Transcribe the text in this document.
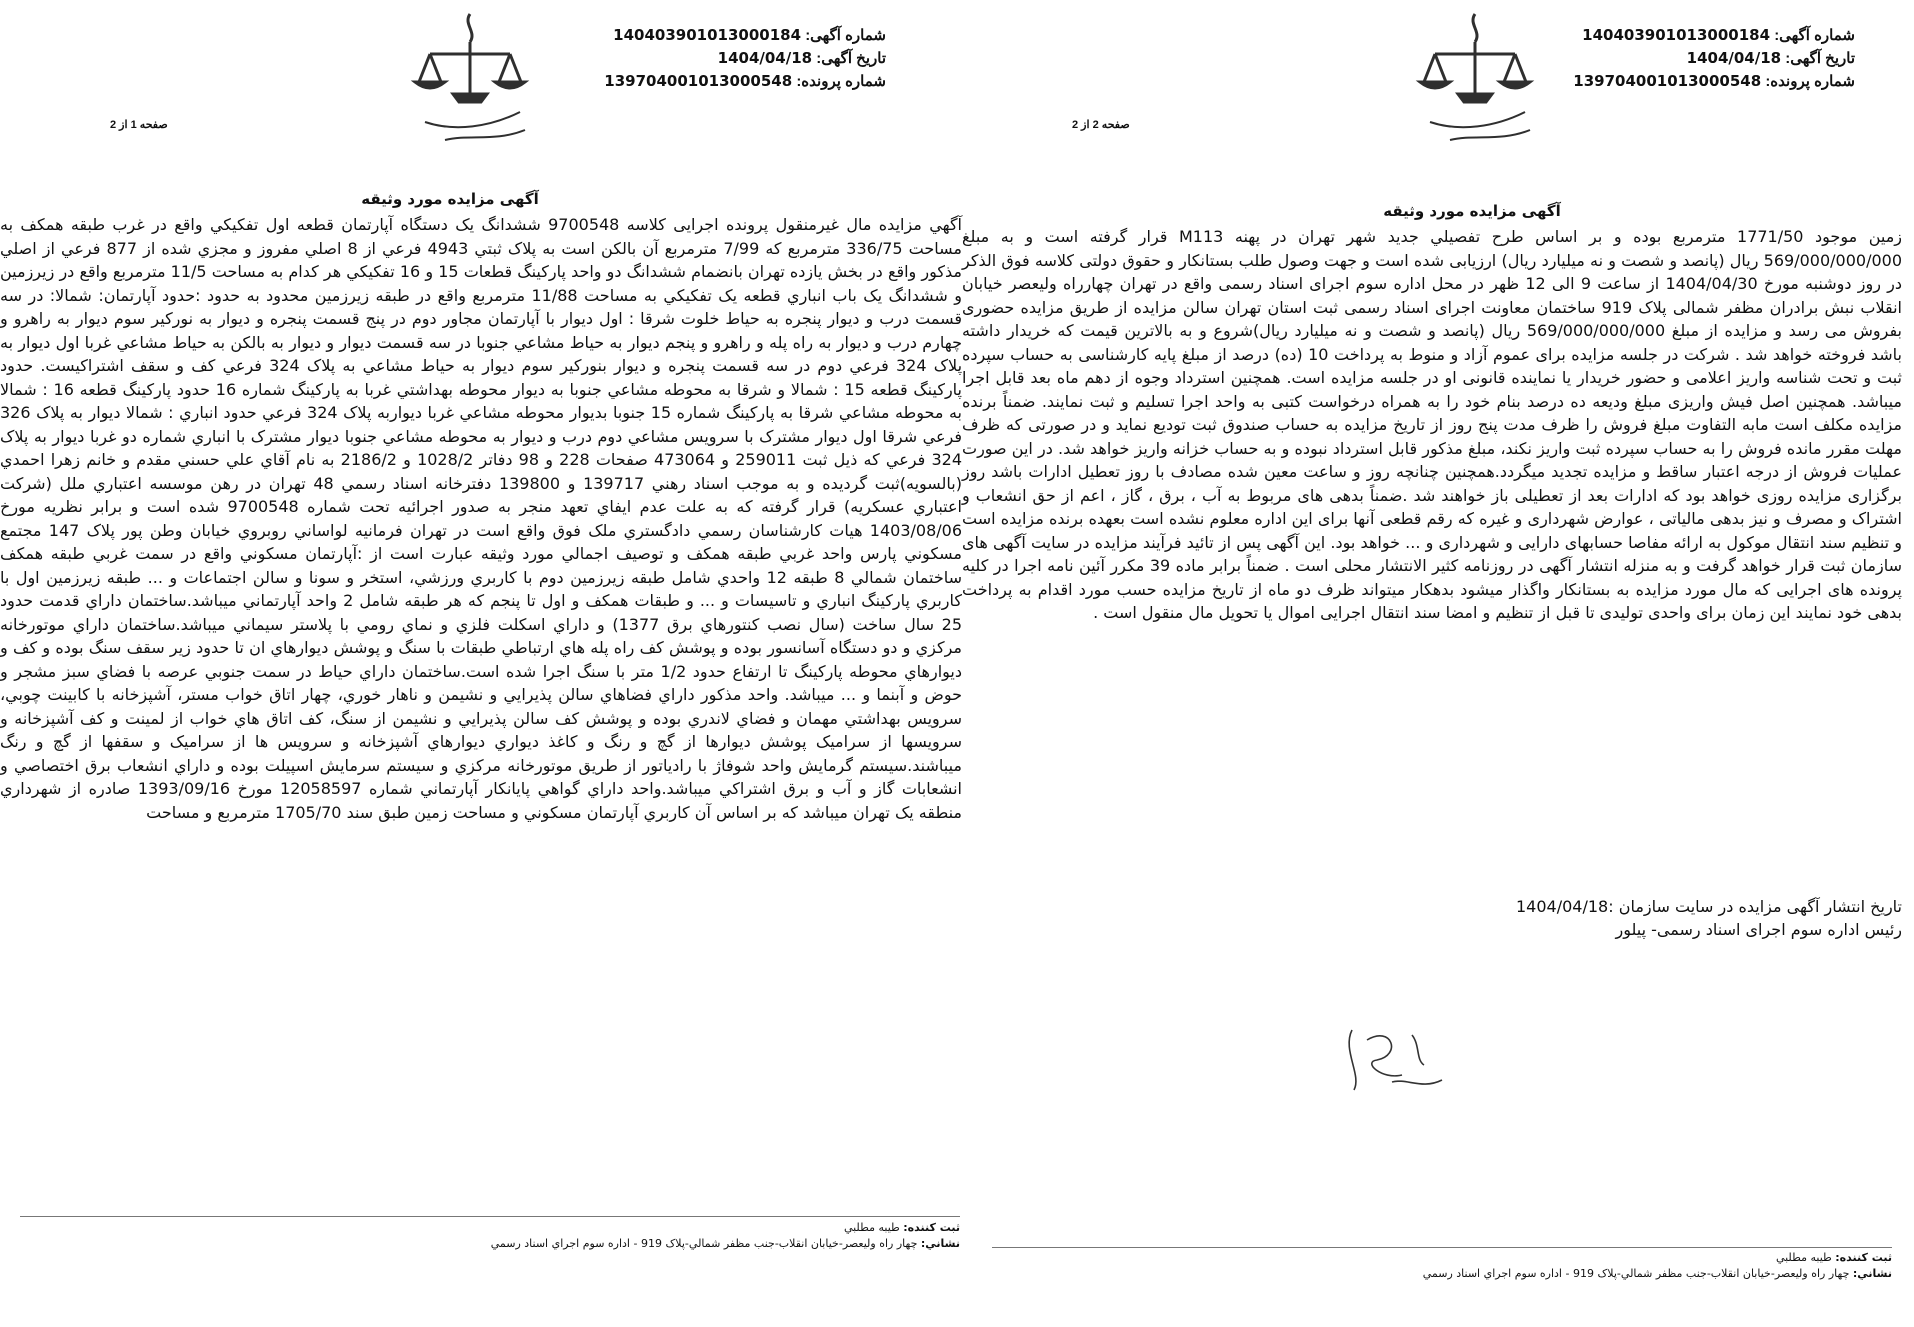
شماره آگهی: 140403901013000184
تاریخ آگهی: 1404/04/18
شماره پرونده: 139704001013000548
صفحه 1 از 2
آگهی مزایده مورد وثیقه
آگهي مزايده مال غيرمنقول پرونده اجرايی كلاسه 9700548 ششدانگ يک دستگاه آپارتمان قطعه اول تفكيكي واقع در غرب طبقه همكف به مساحت 336/75 مترمربع كه 7/99 مترمربع آن بالكن است به پلاک ثبتي 4943 فرعي از 8 اصلي مفروز و مجزي شده از 877 فرعي از اصلي مذكور واقع در بخش يازده تهران بانضمام ششدانگ دو واحد پاركينگ قطعات 15 و 16 تفكيكي هر كدام به مساحت 11/5 مترمربع واقع در زيرزمين و ششدانگ يک باب انباري قطعه يک تفكيكي به مساحت 11/88 مترمربع واقع در طبقه زيرزمين محدود به حدود :حدود آپارتمان: شمالا: در سه قسمت درب و ديوار پنجره به حياط خلوت شرقا : اول ديوار با آپارتمان مجاور دوم در پنج قسمت پنجره و ديوار به نوركير سوم ديوار به راهرو و چهارم درب و ديوار به راه پله و راهرو و پنجم ديوار به حياط مشاعي جنوبا در سه قسمت ديوار و ديوار به بالكن به حياط مشاعي غربا اول ديوار به پلاک 324 فرعي دوم در سه قسمت پنجره و ديوار بنوركير سوم ديوار به حياط مشاعي به پلاک 324 فرعي كف و سقف اشتراكيست. حدود پاركينگ قطعه 15 : شمالا و شرقا به محوطه مشاعي جنوبا به ديوار محوطه بهداشتي غربا به پاركينگ شماره 16 حدود پاركينگ قطعه 16 : شمالا به محوطه مشاعي شرقا به پاركينگ شماره 15 جنوبا بديوار محوطه مشاعي غربا ديواربه پلاک 324 فرعي حدود انباري : شمالا ديوار به پلاک 326 فرعي شرقا اول ديوار مشترک با سرويس مشاعي دوم درب و ديوار به محوطه مشاعي جنوبا ديوار مشترک با انباري شماره دو غربا ديوار به پلاک 324 فرعي كه ذيل ثبت 259011 و 473064 صفحات 228 و 98 دفاتر 1028/2 و 2186/2 به نام آقاي علي حسني مقدم و خانم زهرا احمدي (بالسويه)ثبت گرديده و به موجب اسناد رهني 139717 و 139800 دفترخانه اسناد رسمي 48 تهران در رهن موسسه اعتباري ملل (شركت اعتباري عسكريه) قرار گرفته كه به علت عدم ايفاي تعهد منجر به صدور اجرائيه تحت شماره 9700548 شده است و برابر نظريه مورخ 1403/08/06 هيات كارشناسان رسمي دادگستري ملک فوق واقع است در تهران فرمانيه لواساني روبروي خيابان وطن پور پلاک 147 مجتمع مسكوني پارس واحد غربي طبقه همكف و توصيف اجمالي مورد وثيقه عبارت است از :آپارتمان مسكوني واقع در سمت غربي طبقه همكف ساختمان شمالي 8 طبقه 12 واحدي شامل طبقه زيرزمين دوم با كاربري ورزشي، استخر و سونا و سالن اجتماعات و ... طبقه زيرزمين اول با كاربري پاركينگ انباري و تاسيسات و ... و طبقات همكف و اول تا پنجم كه هر طبقه شامل 2 واحد آپارتماني ميباشد.ساختمان داراي قدمت حدود 25 سال ساخت (سال نصب كنتورهاي برق 1377) و داراي اسكلت فلزي و نماي رومي با پلاستر سيماني ميباشد.ساختمان داراي موتورخانه مركزي و دو دستگاه آسانسور بوده و پوشش كف راه پله هاي ارتباطي طبقات با سنگ و پوشش ديوارهاي ان تا حدود زير سقف سنگ بوده و كف و ديوارهاي محوطه پاركينگ تا ارتفاع حدود 1/2 متر با سنگ اجرا شده است.ساختمان داراي حياط در سمت جنوبي عرصه با فضاي سبز مشجر و حوض و آبنما و ... ميباشد. واحد مذكور داراي فضاهاي سالن پذيرايي و نشيمن و ناهار خوري، چهار اتاق خواب مستر، آشپزخانه با كابينت چوبي، سرويس بهداشتي مهمان و فضاي لاندري بوده و پوشش كف سالن پذيرايي و نشيمن از سنگ، كف اتاق هاي خواب از لمينت و كف آشپزخانه و سرويسها از سراميک پوشش ديوارها از گچ و رنگ و كاغذ ديواري ديوارهاي آشپزخانه و سرويس ها از سراميک و سقفها از گچ و رنگ ميباشند.سيستم گرمايش واحد شوفاژ با رادياتور از طريق موتورخانه مركزي و سيستم سرمايش اسپيلت بوده و داراي انشعاب برق اختصاصي و انشعابات گاز و آب و برق اشتراكي ميباشد.واحد داراي گواهي پايانكار آپارتماني شماره 12058597 مورخ 1393/09/16 صادره از شهرداري منطقه يک تهران ميباشد كه بر اساس آن كاربري آپارتمان مسكوني و مساحت زمين طبق سند 1705/70 مترمربع و مساحت
ثبت كننده: طيبه مطلبي
نشاني: چهار راه وليعصر-خيابان انقلاب-جنب مظفر شمالي-پلاک 919 - اداره سوم اجراي اسناد رسمي
شماره آگهی: 140403901013000184
تاریخ آگهی: 1404/04/18
شماره پرونده: 139704001013000548
صفحه 2 از 2
آگهی مزایده مورد وثیقه
زمين موجود 1771/50 مترمربع بوده و بر اساس طرح تفصيلي جديد شهر تهران در پهنه M113 قرار گرفته است و به مبلغ 569/000/000/000 ريال (پانصد و شصت و نه ميليارد ريال) ارزيابی شده است و جهت وصول طلب بستانكار و حقوق دولتی كلاسه فوق الذكر در روز دوشنبه مورخ 1404/04/30 از ساعت 9 الی 12 ظهر در محل اداره سوم اجرای اسناد رسمی واقع در تهران چهارراه وليعصر خيابان انقلاب نبش برادران مظفر شمالی پلاک 919 ساختمان معاونت اجرای اسناد رسمی ثبت استان تهران سالن مزايده از طريق مزايده حضوری بفروش می رسد و مزايده از مبلغ 569/000/000/000 ريال (پانصد و شصت و نه ميليارد ريال)شروع و به بالاترين قيمت كه خريدار داشته باشد فروخته خواهد شد . شركت در جلسه مزايده برای عموم آزاد و منوط به پرداخت 10 (ده) درصد از مبلغ پايه كارشناسی به حساب سپرده ثبت و تحت شناسه واريز اعلامی و حضور خريدار يا نماينده قانونی او در جلسه مزايده است. همچنين استرداد وجوه از دهم ماه بعد قابل اجرا ميباشد. همچنين اصل فيش واريزی مبلغ وديعه ده درصد بنام خود را به همراه درخواست كتبی به واحد اجرا تسليم و ثبت نمايند. ضمناً برنده مزايده مكلف است مابه التفاوت مبلغ فروش را ظرف مدت پنج روز از تاريخ مزايده به حساب صندوق ثبت توديع نمايد و در صورتی كه ظرف مهلت مقرر مانده فروش را به حساب سپرده ثبت واريز نكند، مبلغ مذكور قابل استرداد نبوده و به حساب خزانه واريز خواهد شد. در اين صورت عمليات فروش از درجه اعتبار ساقط و مزايده تجديد ميگردد.همچنين چنانچه روز و ساعت معين شده مصادف با روز تعطيل ادارات باشد روز برگزاری مزايده روزی خواهد بود كه ادارات بعد از تعطيلی باز خواهند شد .ضمناً بدهی های مربوط به آب ، برق ، گاز ، اعم از حق انشعاب و اشتراک و مصرف و نيز بدهی مالياتی ، عوارض شهرداری و غيره كه رقم قطعی آنها برای اين اداره معلوم نشده است بعهده برنده مزايده است و تنظيم سند انتقال موكول به ارائه مفاصا حسابهای دارايی و شهرداری و ... خواهد بود. اين آگهی پس از تائيد فرآيند مزايده در سايت آگهی های سازمان ثبت قرار خواهد گرفت و به منزله انتشار آگهی در روزنامه كثير الانتشار محلی است . ضمناً برابر ماده 39 مكرر آئين نامه اجرا در كليه پرونده های اجرايی كه مال مورد مزايده به بستانكار واگذار ميشود بدهكار ميتواند ظرف دو ماه از تاريخ مزايده حسب مورد اقدام به پرداخت بدهی خود نمايند اين زمان برای واحدی توليدی تا قبل از تنظيم و امضا سند انتقال اجرايی اموال يا تحويل مال منقول است .
تاريخ انتشار آگهی مزايده در سايت سازمان :1404/04/18
رئيس اداره سوم اجرای اسناد رسمی- پيلور
ثبت كننده: طيبه مطلبي
نشاني: چهار راه وليعصر-خيابان انقلاب-جنب مظفر شمالي-پلاک 919 - اداره سوم اجراي اسناد رسمي
